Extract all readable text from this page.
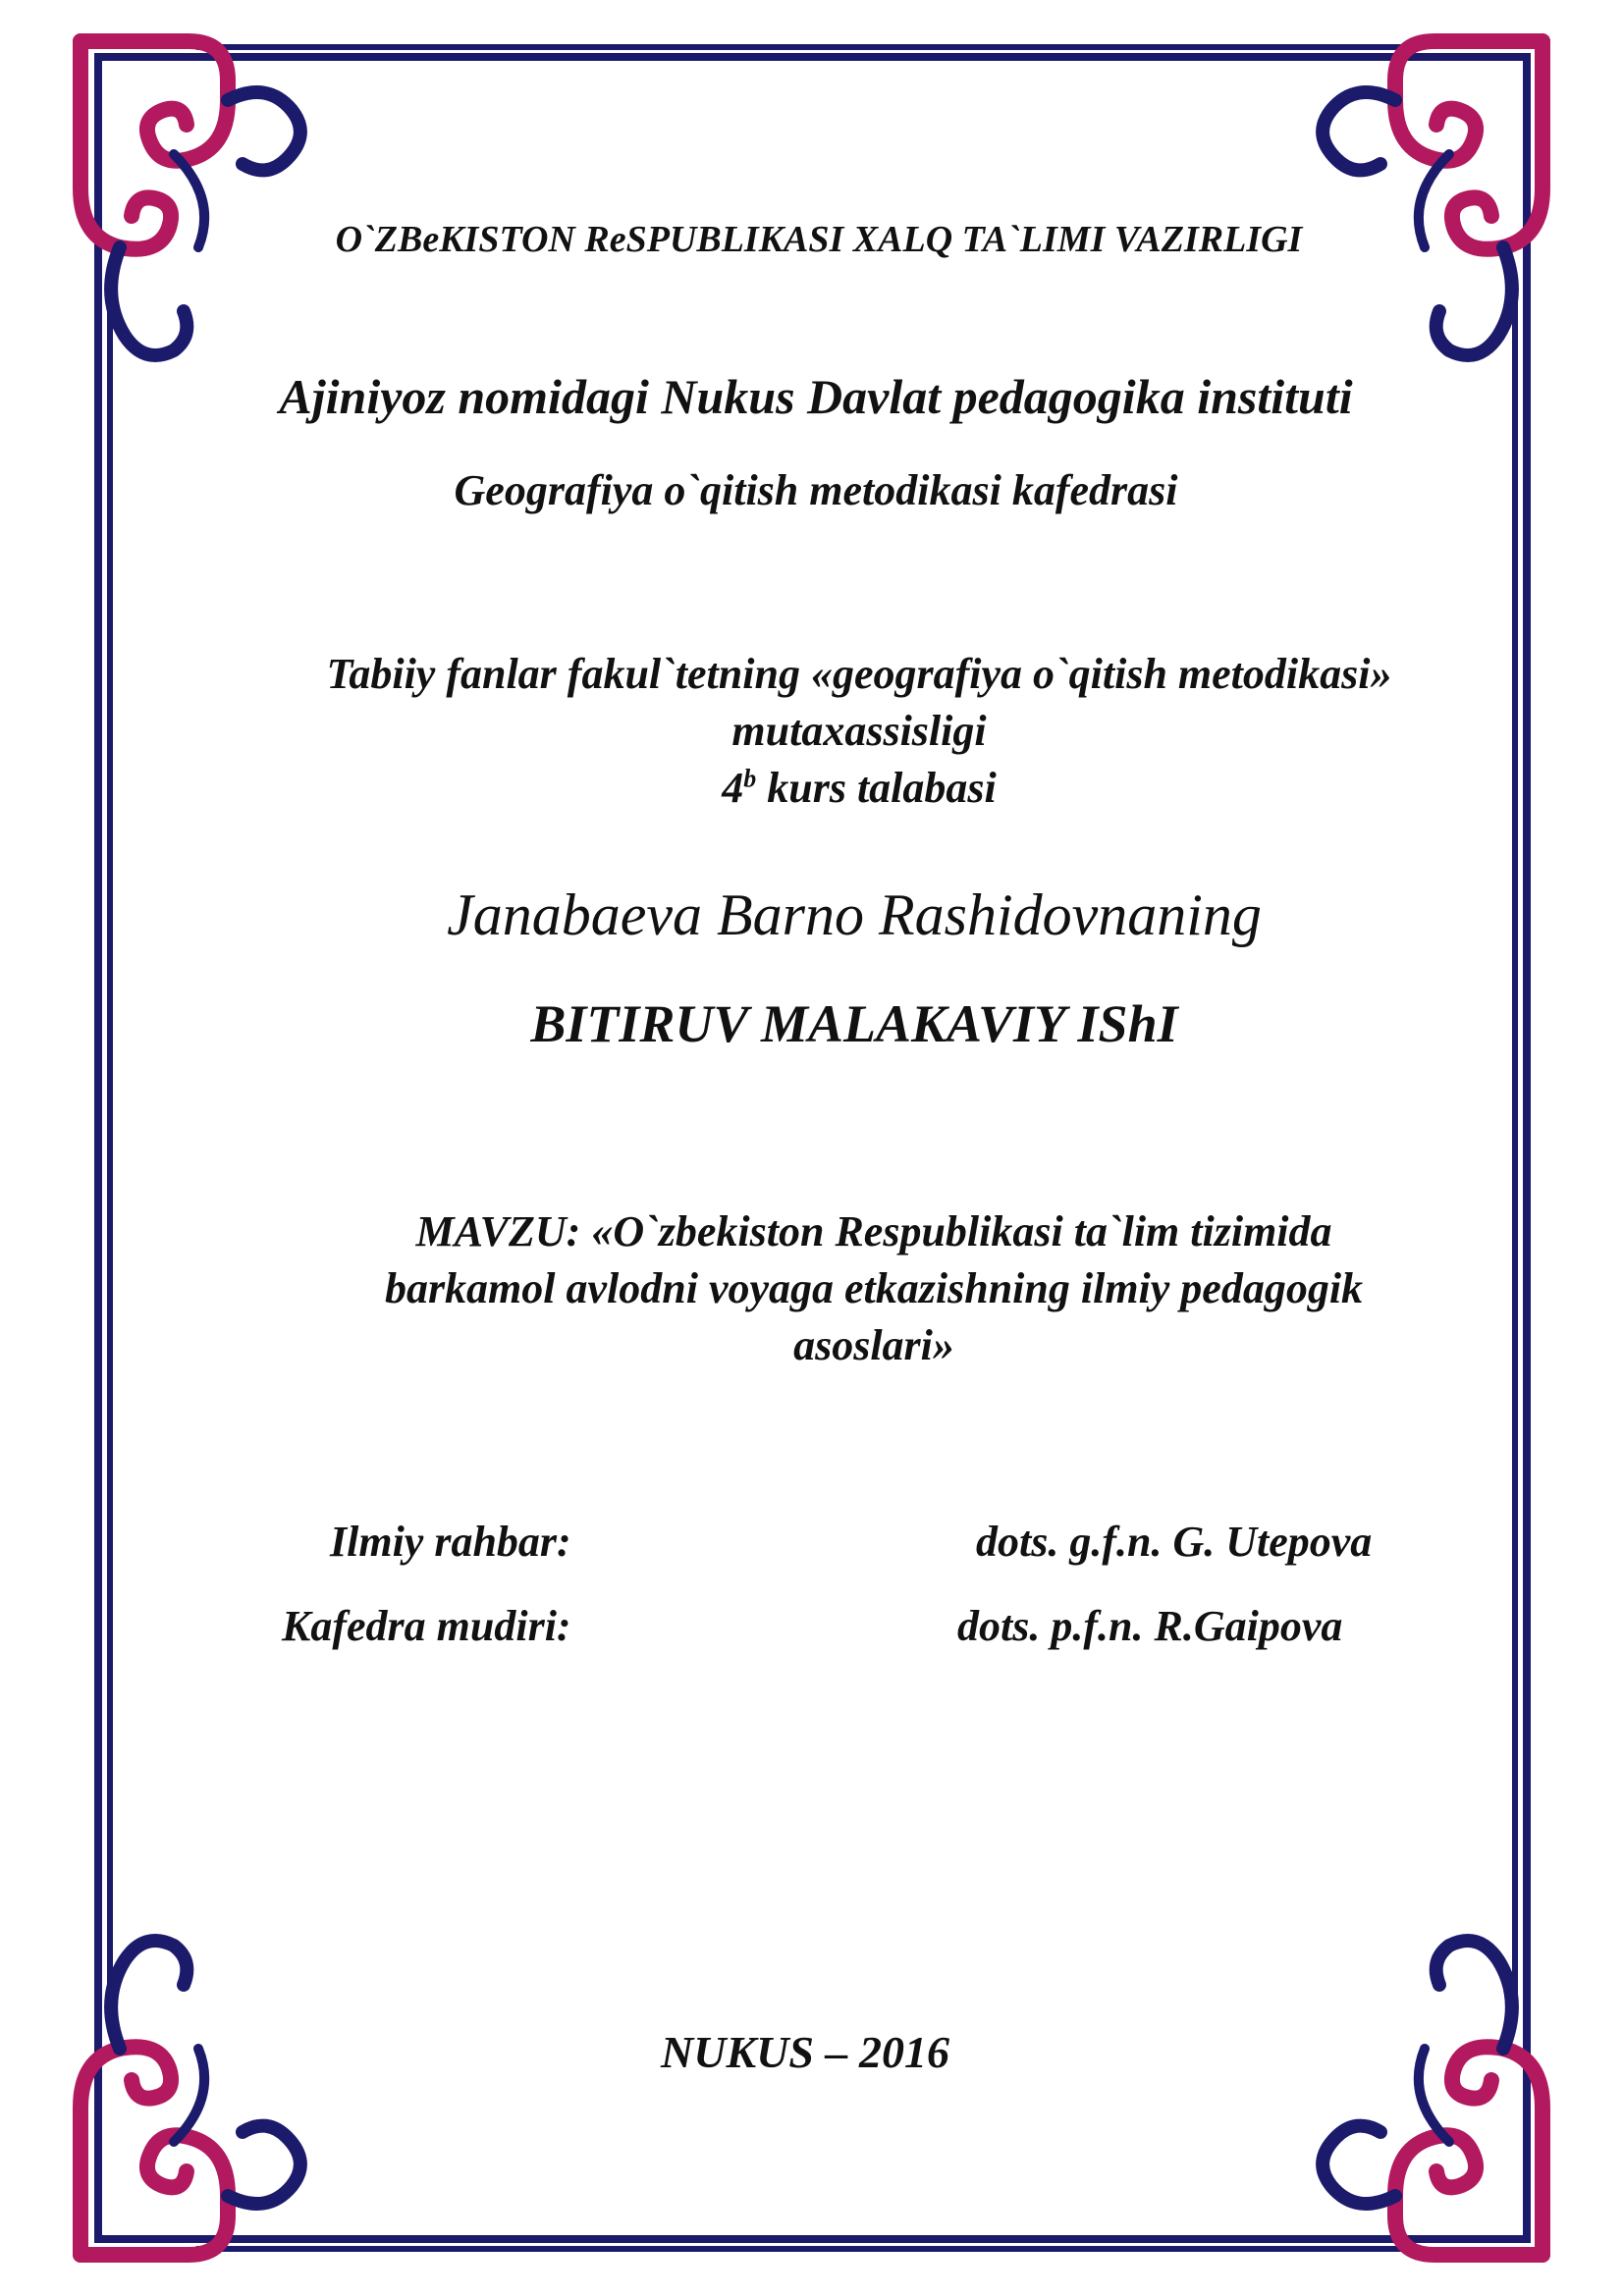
O`ZBeKISTON ReSPUBLIKASI XALQ TA`LIMI VAZIRLIGI
Ajiniyoz nomidagi Nukus Davlat pedagogika instituti
Geografiya o`qitish metodikasi kafedrasi
Tabiiy fanlar fakul`tetning «geografiya o`qitish metodikasi»
mutaxassisligi
4$^b$ kurs talabasi
Janabaeva Barno Rashidovnaning
BITIRUV MALAKAVIY IShI
MAVZU: «O`zbekiston Respublikasi ta`lim tizimida
barkamol avlodni voyaga etkazishning ilmiy pedagogik
asoslari»
Ilmiy rahbar:	dots. g.f.n. G. Utepova
Kafedra mudiri:	dots. p.f.n. R.Gaipova
NUKUS – 2016
